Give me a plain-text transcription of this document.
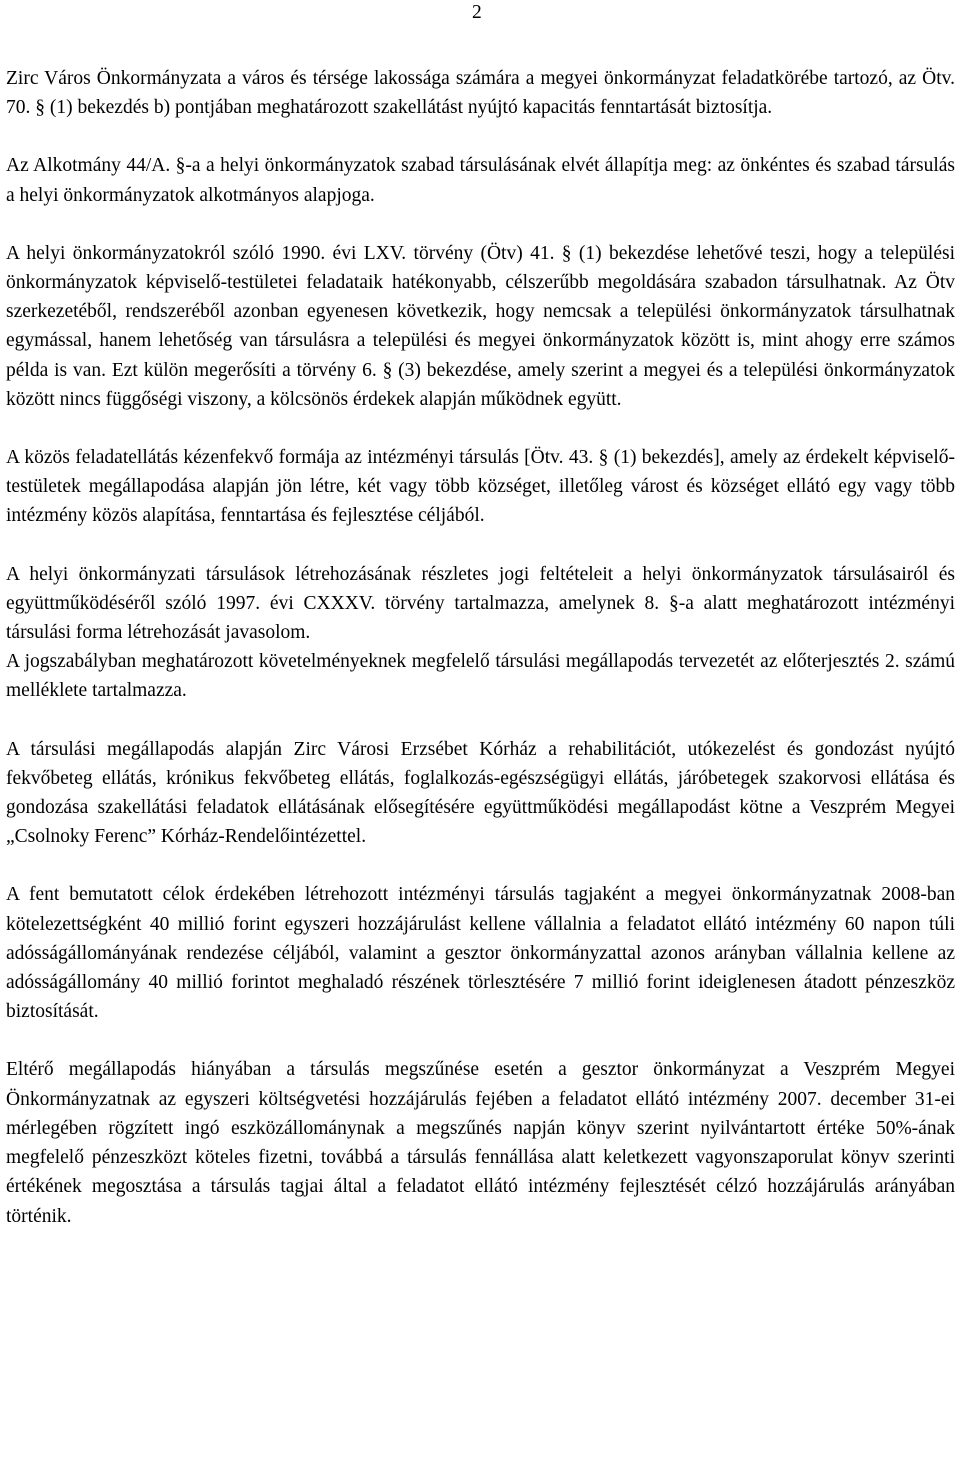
2

Zirc Város Önkormányzata a város és térsége lakossága számára a megyei önkormányzat feladatkörébe tartozó, az Ötv. 70. § (1) bekezdés b) pontjában meghatározott szakellátást nyújtó kapacitás fenntartását biztosítja.

Az Alkotmány 44/A. §-a a helyi önkormányzatok szabad társulásának elvét állapítja meg: az önkéntes és szabad társulás a helyi önkormányzatok alkotmányos alapjoga.

A helyi önkormányzatokról szóló 1990. évi LXV. törvény (Ötv) 41. § (1) bekezdése lehetővé teszi, hogy a települési önkormányzatok képviselő-testületei feladataik hatékonyabb, célszerűbb megoldására szabadon társulhatnak. Az Ötv szerkezetéből, rendszeréből azonban egyenesen következik, hogy nemcsak a települési önkormányzatok társulhatnak egymással, hanem lehetőség van társulásra a települési és megyei önkormányzatok között is, mint ahogy erre számos példa is van. Ezt külön megerősíti a törvény 6. § (3) bekezdése, amely szerint a megyei és a települési önkormányzatok között nincs függőségi viszony, a kölcsönös érdekek alapján működnek együtt.

A közös feladatellátás kézenfekvő formája az intézményi társulás [Ötv. 43. § (1) bekezdés], amely az érdekelt képviselő-testületek megállapodása alapján jön létre, két vagy több községet, illetőleg várost és községet ellátó egy vagy több intézmény közös alapítása, fenntartása és fejlesztése céljából.

A helyi önkormányzati társulások létrehozásának részletes jogi feltételeit a helyi önkormányzatok társulásairól és együttműködéséről szóló 1997. évi CXXXV. törvény tartalmazza, amelynek 8. §-a alatt meghatározott intézményi társulási forma létrehozását javasolom.

A jogszabályban meghatározott követelményeknek megfelelő társulási megállapodás tervezetét az előterjesztés 2. számú melléklete tartalmazza.

A társulási megállapodás alapján Zirc Városi Erzsébet Kórház a rehabilitációt, utókezelést és gondozást nyújtó fekvőbeteg ellátás, krónikus fekvőbeteg ellátás, foglalkozás-egészségügyi ellátás, járóbetegek szakorvosi ellátása és gondozása szakellátási feladatok ellátásának elősegítésére együttműködési megállapodást kötne a Veszprém Megyei „Csolnoky Ferenc” Kórház-Rendelőintézettel.

A fent bemutatott célok érdekében létrehozott intézményi társulás tagjaként a megyei önkormányzatnak 2008-ban kötelezettségként 40 millió forint egyszeri hozzájárulást kellene vállalnia a feladatot ellátó intézmény 60 napon túli adósságállományának rendezése céljából, valamint a gesztor önkormányzattal azonos arányban vállalnia kellene az adósságállomány 40 millió forintot meghaladó részének törlesztésére 7 millió forint ideiglenesen átadott pénzeszköz biztosítását.

Eltérő megállapodás hiányában a társulás megszűnése esetén a gesztor önkormányzat a Veszprém Megyei Önkormányzatnak az egyszeri költségvetési hozzájárulás fejében a feladatot ellátó intézmény 2007. december 31-ei mérlegében rögzített ingó eszközállománynak a megszűnés napján könyv szerint nyilvántartott értéke 50%-ának megfelelő pénzeszközt köteles fizetni, továbbá a társulás fennállása alatt keletkezett vagyonszaporulat könyv szerinti értékének megosztása a társulás tagjai által a feladatot ellátó intézmény fejlesztését célzó hozzájárulás arányában történik.
